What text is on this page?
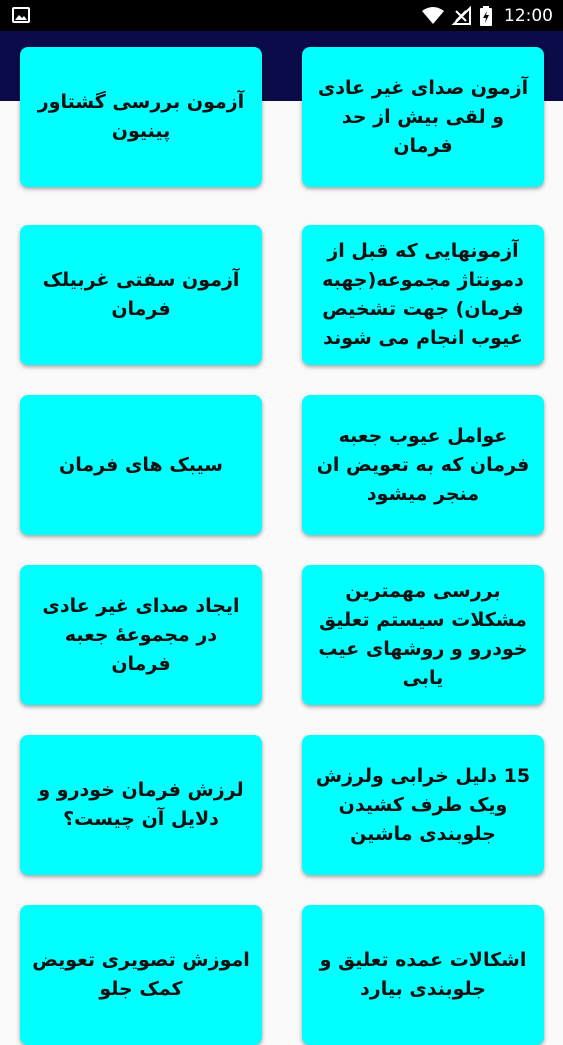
12:00
آزمون صدای غیر عادی و لقی بیش از حد فرمان
آزمون بررسی گشتاور پینیون
آزمونهایی که قبل از دمونتاژ مجموعه(جهبه فرمان) جهت تشخیص عیوب انجام می شوند
آزمون سفتی غربیلک فرمان
عوامل عیوب جعبه فرمان که به تعویض ان منجر میشود
سیبک های فرمان
بررسی مهمترین مشکلات سیستم تعلیق خودرو و روشهای عیب یابی
ایجاد صدای غیر عادی در مجموعهٔ جعبه فرمان
15 دلیل خرابی ولرزش ویک طرف کشیدن جلوبندی ماشین
لرزش فرمان خودرو و دلایل آن چیست؟
اشکالات عمده تعلیق و جلوبندی بیارد
اموزش تصویری تعویض کمک جلو
